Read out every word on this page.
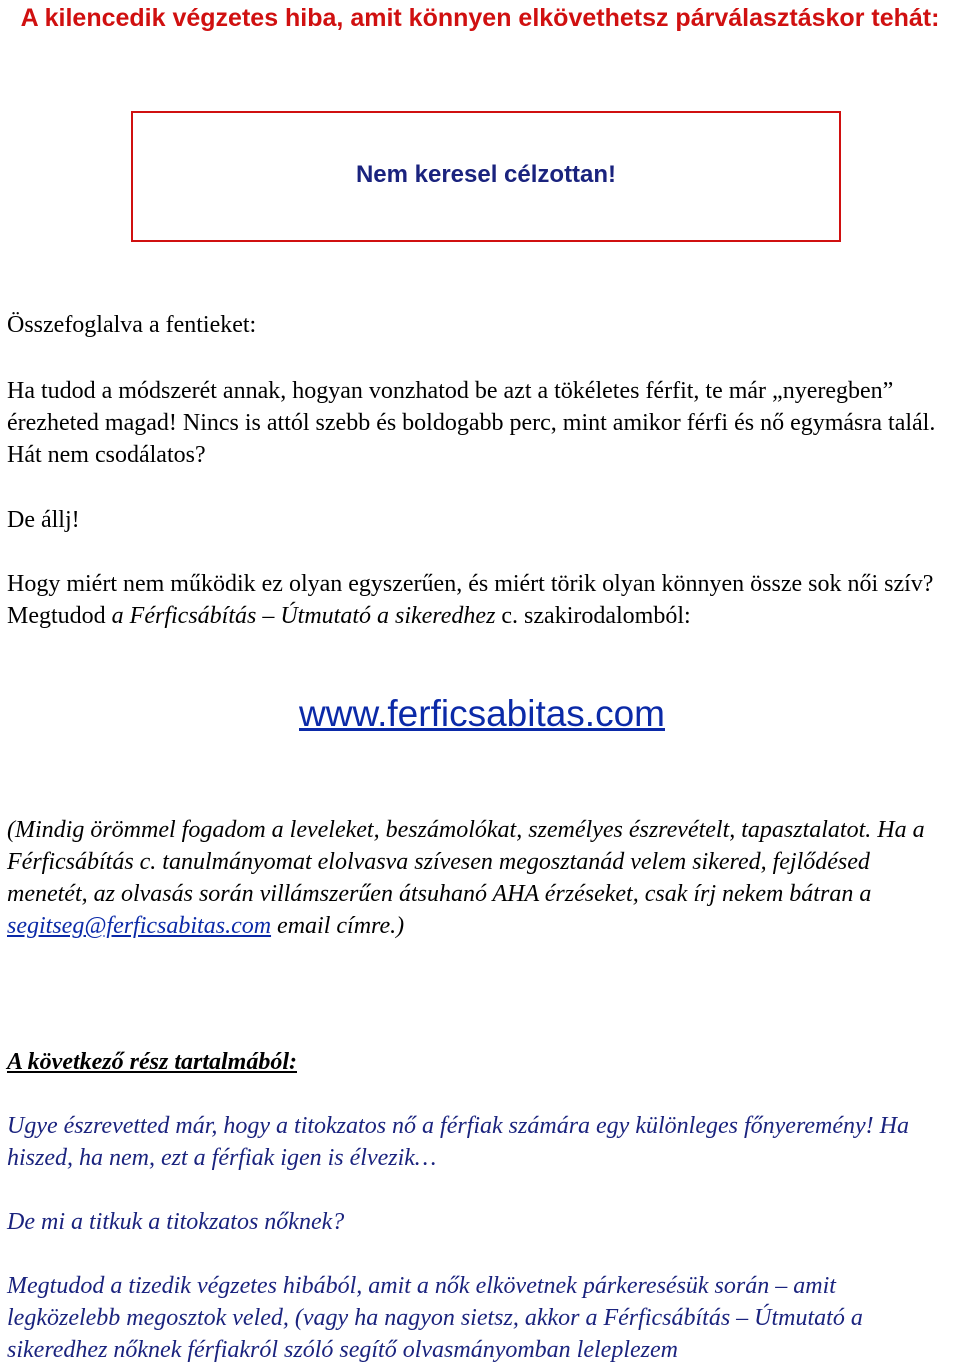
A kilencedik végzetes hiba, amit könnyen elkövethetsz párválasztáskor tehát:
Nem keresel célzottan!

Összefoglalva a fentieket:

Ha tudod a módszerét annak, hogyan vonzhatod be azt a tökéletes férfit, te már „nyeregben” érezheted magad! Nincs is attól szebb és boldogabb perc, mint amikor férfi és nő egymásra talál. Hát nem csodálatos?

De állj!

Hogy miért nem működik ez olyan egyszerűen, és miért törik olyan könnyen össze sok női szív? Megtudod a Férficsábítás – Útmutató a sikeredhez c. szakirodalomból:

www.ferficsabitas.com

(Mindig örömmel fogadom a leveleket, beszámolókat, személyes észrevételt, tapasztalatot. Ha a Férficsábítás c. tanulmányomat elolvasva szívesen megosztanád velem sikered, fejlődésed menetét, az olvasás során villámszerűen átsuhanó AHA érzéseket, csak írj nekem bátran a segitseg@ferficsabitas.com email címre.)

A következő rész tartalmából:

Ugye észrevetted már, hogy a titokzatos nő a férfiak számára egy különleges főnyeremény! Ha hiszed, ha nem, ezt a férfiak igen is élvezik…

De mi a titkuk a titokzatos nőknek?

Megtudod a tizedik végzetes hibából, amit a nők elkövetnek párkeresésük során – amit legközelebb megosztok veled, (vagy ha nagyon sietsz, akkor a Férficsábítás – Útmutató a sikeredhez nőknek férfiakról szóló segítő olvasmányomban leleplezem
